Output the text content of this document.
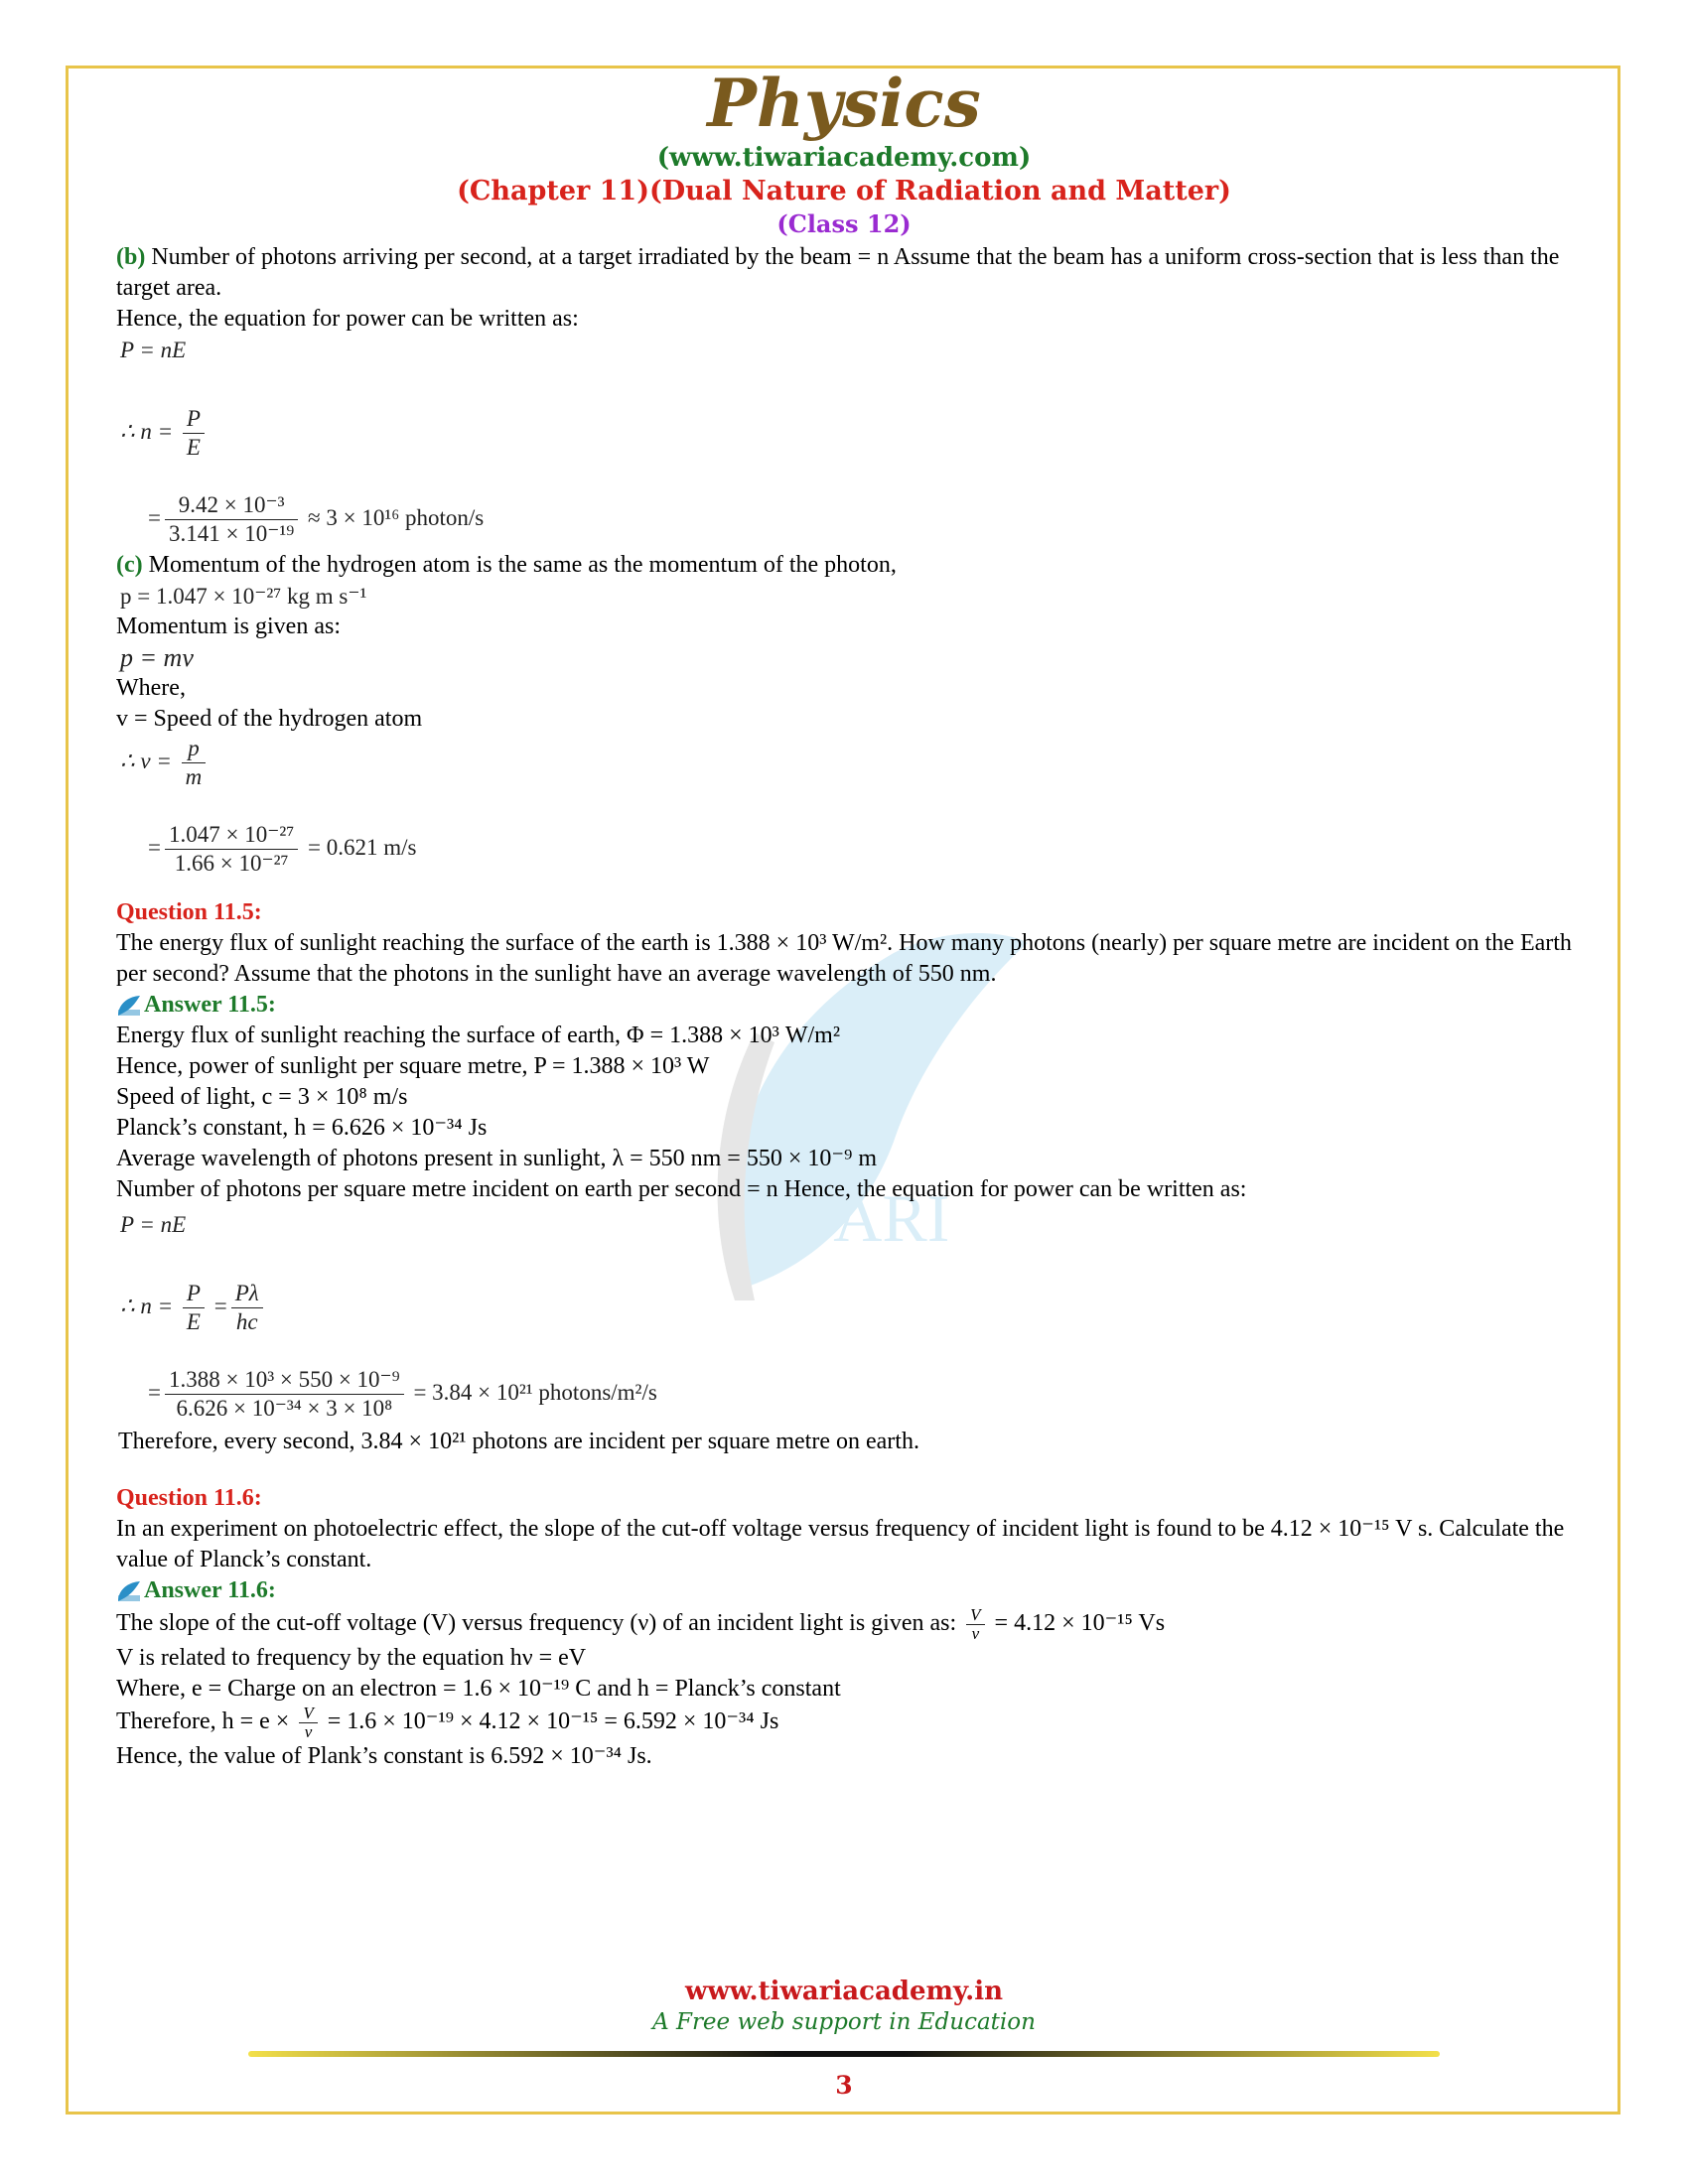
Physics
(www.tiwariacademy.com)
(Chapter 11)(Dual Nature of Radiation and Matter)
(Class 12)
IWARI

(b) Number of photons arriving per second, at a target irradiated by the beam = n Assume that the beam has a uniform cross-section that is less than the target area.

Hence, the equation for power can be written as:

P = nE

∴ $n = \frac{P}{E}$

= $\frac{\text{9.42 × 10⁻³}}{\text{3.141 × 10⁻¹⁹}} \approx 3 \times 10^{16}$ photon/s

(c) Momentum of the hydrogen atom is the same as the momentum of the photon,

p = 1.047 × 10⁻²⁷ kg m s⁻¹

Momentum is given as:

p = mv

Where,

v = Speed of the hydrogen atom

∴ $v = \frac{p}{m}$

= $\frac{\text{1.047 × 10⁻²⁷}}{\text{1.66 × 10⁻²⁷}} = 0.621$ m/s

Question 11.5:

The energy flux of sunlight reaching the surface of the earth is 1.388 × 10³ W/m². How many photons (nearly) per square metre are incident on the Earth per second? Assume that the photons in the sunlight have an average wavelength of 550 nm.

Answer 11.5:

Energy flux of sunlight reaching the surface of earth, Φ = 1.388 × 10³ W/m²

Hence, power of sunlight per square metre, P = 1.388 × 10³ W

Speed of light, c = 3 × 10⁸ m/s

Planck’s constant, h = 6.626 × 10⁻³⁴ Js

Average wavelength of photons present in sunlight, λ = 550 nm = 550 × 10⁻⁹ m

Number of photons per square metre incident on earth per second = n Hence, the equation for power can be written as:

P = nE

∴ $n = \frac{P}{E} = \frac{P\lambda}{hc}$

= $\frac{\text{1.388 × 10³ × 550 × 10⁻⁹}}{\text{6.626 × 10⁻³⁴ × 3 × 10⁸}} = 3.84 \times 10^{21}$ photons/m²/s

Therefore, every second, 3.84 × 10²¹ photons are incident per square metre on earth.

Question 11.6:

In an experiment on photoelectric effect, the slope of the cut-off voltage versus frequency of incident light is found to be 4.12 × 10⁻¹⁵ V s. Calculate the value of Planck’s constant.

Answer 11.6:

The slope of the cut-off voltage (V) versus frequency (ν) of an incident light is given as: $\frac{V}{\nu} = 4.12 \times 10^{-15}$ Vs

V is related to frequency by the equation hν = eV

Where, e = Charge on an electron = 1.6 × 10⁻¹⁹ C and h = Planck’s constant

Therefore, $h = e \times \frac{V}{\nu} = 1.6 \times 10^{-19} \times 4.12 \times 10^{-15} = 6.592 \times 10^{-34}$ Js

Hence, the value of Plank’s constant is 6.592 × 10⁻³⁴ Js.

www.tiwariacademy.in
A Free web support in Education
3
